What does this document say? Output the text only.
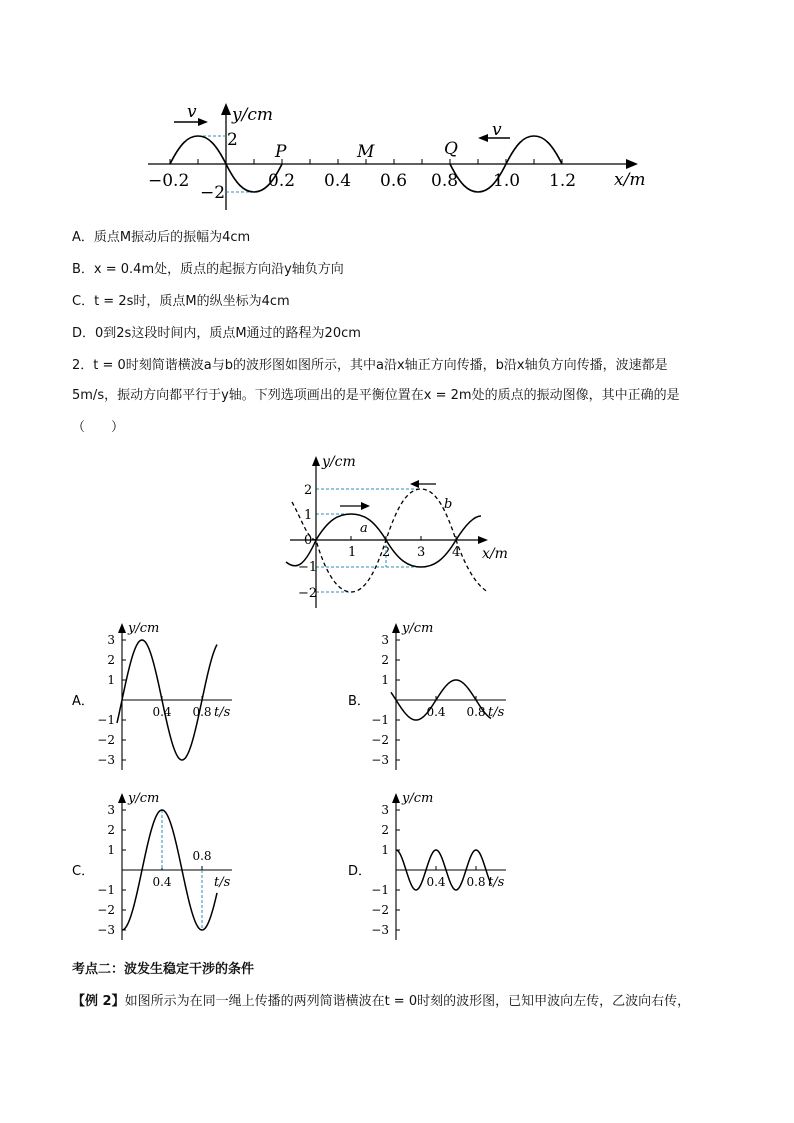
v
v
y/cm
x/m
2
−2
−0.2	0.2 0.4 0.6 0.8 1.0 1.2
P	M	Q
A．质点M振动后的振幅为4cm
B．x = 0.4m处，质点的起振方向沿y轴负方向
C．t = 2s时，质点M的纵坐标为4cm
D．0到2s这段时间内，质点M通过的路程为20cm
2．t = 0时刻简谐横波a与b的波形图如图所示，其中a沿x轴正方向传播，b沿x轴负方向传播，波速都是
5m/s，振动方向都平行于y轴。下列选项画出的是平衡位置在x = 2m处的质点的振动图像，其中正确的是
（　　）
y/cm
x/m
2
1
−1
−2
0
1 2 3 4
a
b
A．	B．
C．	D．
3
2
1
−1
−2
−3
0.4 0.8
y/cm
t/s
3
2
1
−1
−2
−3
0.4 0.8
y/cm
t/s
3
2
1
−1
−2
−3
0.4
0.8
y/cm
t/s
3
2
1
−1
−2
−3
0.4 0.8
y/cm
t/s
考点二：波发生稳定干涉的条件
【例 2】如图所示为在同一绳上传播的两列简谐横波在t = 0时刻的波形图，已知甲波向左传，乙波向右传，
